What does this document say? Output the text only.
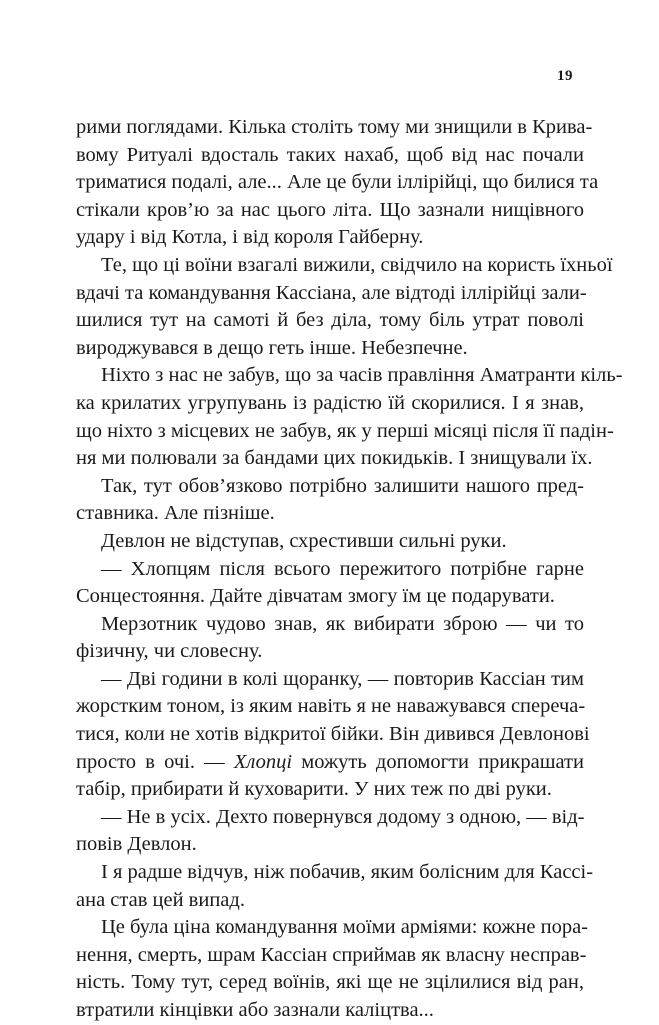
19
рими поглядами. Кілька століть тому ми знищили в Крива-
вому Ритуалі вдосталь таких нахаб, щоб від нас почали
триматися подалі, але... Але це були іллірійці, що билися та
стікали кров’ю за нас цього літа. Що зазнали нищівного
удару і від Котла, і від короля Гайберну.
Те, що ці воїни взагалі вижили, свідчило на користь їхньої
вдачі та командування Кассіана, але відтоді іллірійці зали-
шилися тут на самоті й без діла, тому біль утрат поволі
вироджувався в дещо геть інше. Небезпечне.
Ніхто з нас не забув, що за часів правління Аматранти кіль-
ка крилатих угрупувань із радістю їй скорилися. І я знав,
що ніхто з місцевих не забув, як у перші місяці після її падін-
ня ми полювали за бандами цих покидьків. І знищували їх.
Так, тут обов’язково потрібно залишити нашого пред-
ставника. Але пізніше.
Девлон не відступав, схрестивши сильні руки.
— Хлопцям після всього пережитого потрібне гарне
Сонцестояння. Дайте дівчатам змогу їм це подарувати.
Мерзотник чудово знав, як вибирати зброю — чи то
фізичну, чи словесну.
— Дві години в колі щоранку, — повторив Кассіан тим
жорстким тоном, із яким навіть я не наважувався сперечa-
тися, коли не хотів відкритої бійки. Він дивився Девлонові
просто в очі. — Хлопці можуть допомогти прикрашати
табір, прибирати й куховарити. У них теж по дві руки.
— Не в усіх. Дехто повернувся додому з одною, — від-
повів Девлон.
І я радше відчув, ніж побачив, яким болісним для Кассі-
ана став цей випад.
Це була ціна командування моїми арміями: кожне пора-
нення, смерть, шрам Кассіан сприймав як власну несправ-
ність. Тому тут, серед воїнів, які ще не зцілилися від ран,
втратили кінцівки або зазнали каліцтва...
